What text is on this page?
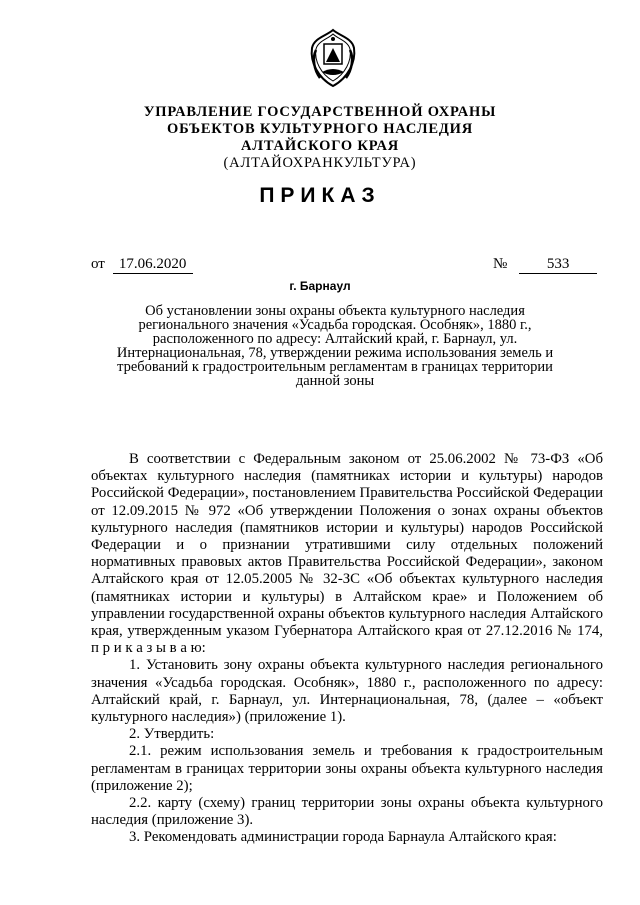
УПРАВЛЕНИЕ ГОСУДАРСТВЕННОЙ ОХРАНЫ
ОБЪЕКТОВ КУЛЬТУРНОГО НАСЛЕДИЯ
АЛТАЙСКОГО КРАЯ
(АЛТАЙОХРАНКУЛЬТУРА)
ПРИКАЗ
от 17.06.2020	№	533
г. Барнаул
Об установлении зоны охраны объекта культурного наследия регионального значения «Усадьба городская. Особняк», 1880 г., расположенного по адресу: Алтайский край, г. Барнаул, ул. Интернациональная, 78, утверждении режима использования земель и требований к градостроительным регламентам в границах территории данной зоны

В соответствии с Федеральным законом от 25.06.2002 № 73-ФЗ «Об объектах культурного наследия (памятниках истории и культуры) народов Российской Федерации», постановлением Правительства Российской Федерации от 12.09.2015 № 972 «Об утверждении Положения о зонах охраны объектов культурного наследия (памятников истории и культуры) народов Российской Федерации и о признании утратившими силу отдельных положений нормативных правовых актов Правительства Российской Федерации», законом Алтайского края от 12.05.2005 № 32-ЗС «Об объектах культурного наследия (памятниках истории и культуры) в Алтайском крае» и Положением об управлении государственной охраны объектов культурного наследия Алтайского края, утвержденным указом Губернатора Алтайского края от 27.12.2016 № 174, п р и к а з ы в а ю:

1. Установить зону охраны объекта культурного наследия регионального значения «Усадьба городская. Особняк», 1880 г., расположенного по адресу: Алтайский край, г. Барнаул, ул. Интернациональная, 78, (далее – «объект культурного наследия») (приложение 1).

2. Утвердить:

2.1. режим использования земель и требования к градостроительным регламентам в границах территории зоны охраны объекта культурного наследия (приложение 2);

2.2. карту (схему) границ территории зоны охраны объекта культурного наследия (приложение 3).

3. Рекомендовать администрации города Барнаула Алтайского края:
